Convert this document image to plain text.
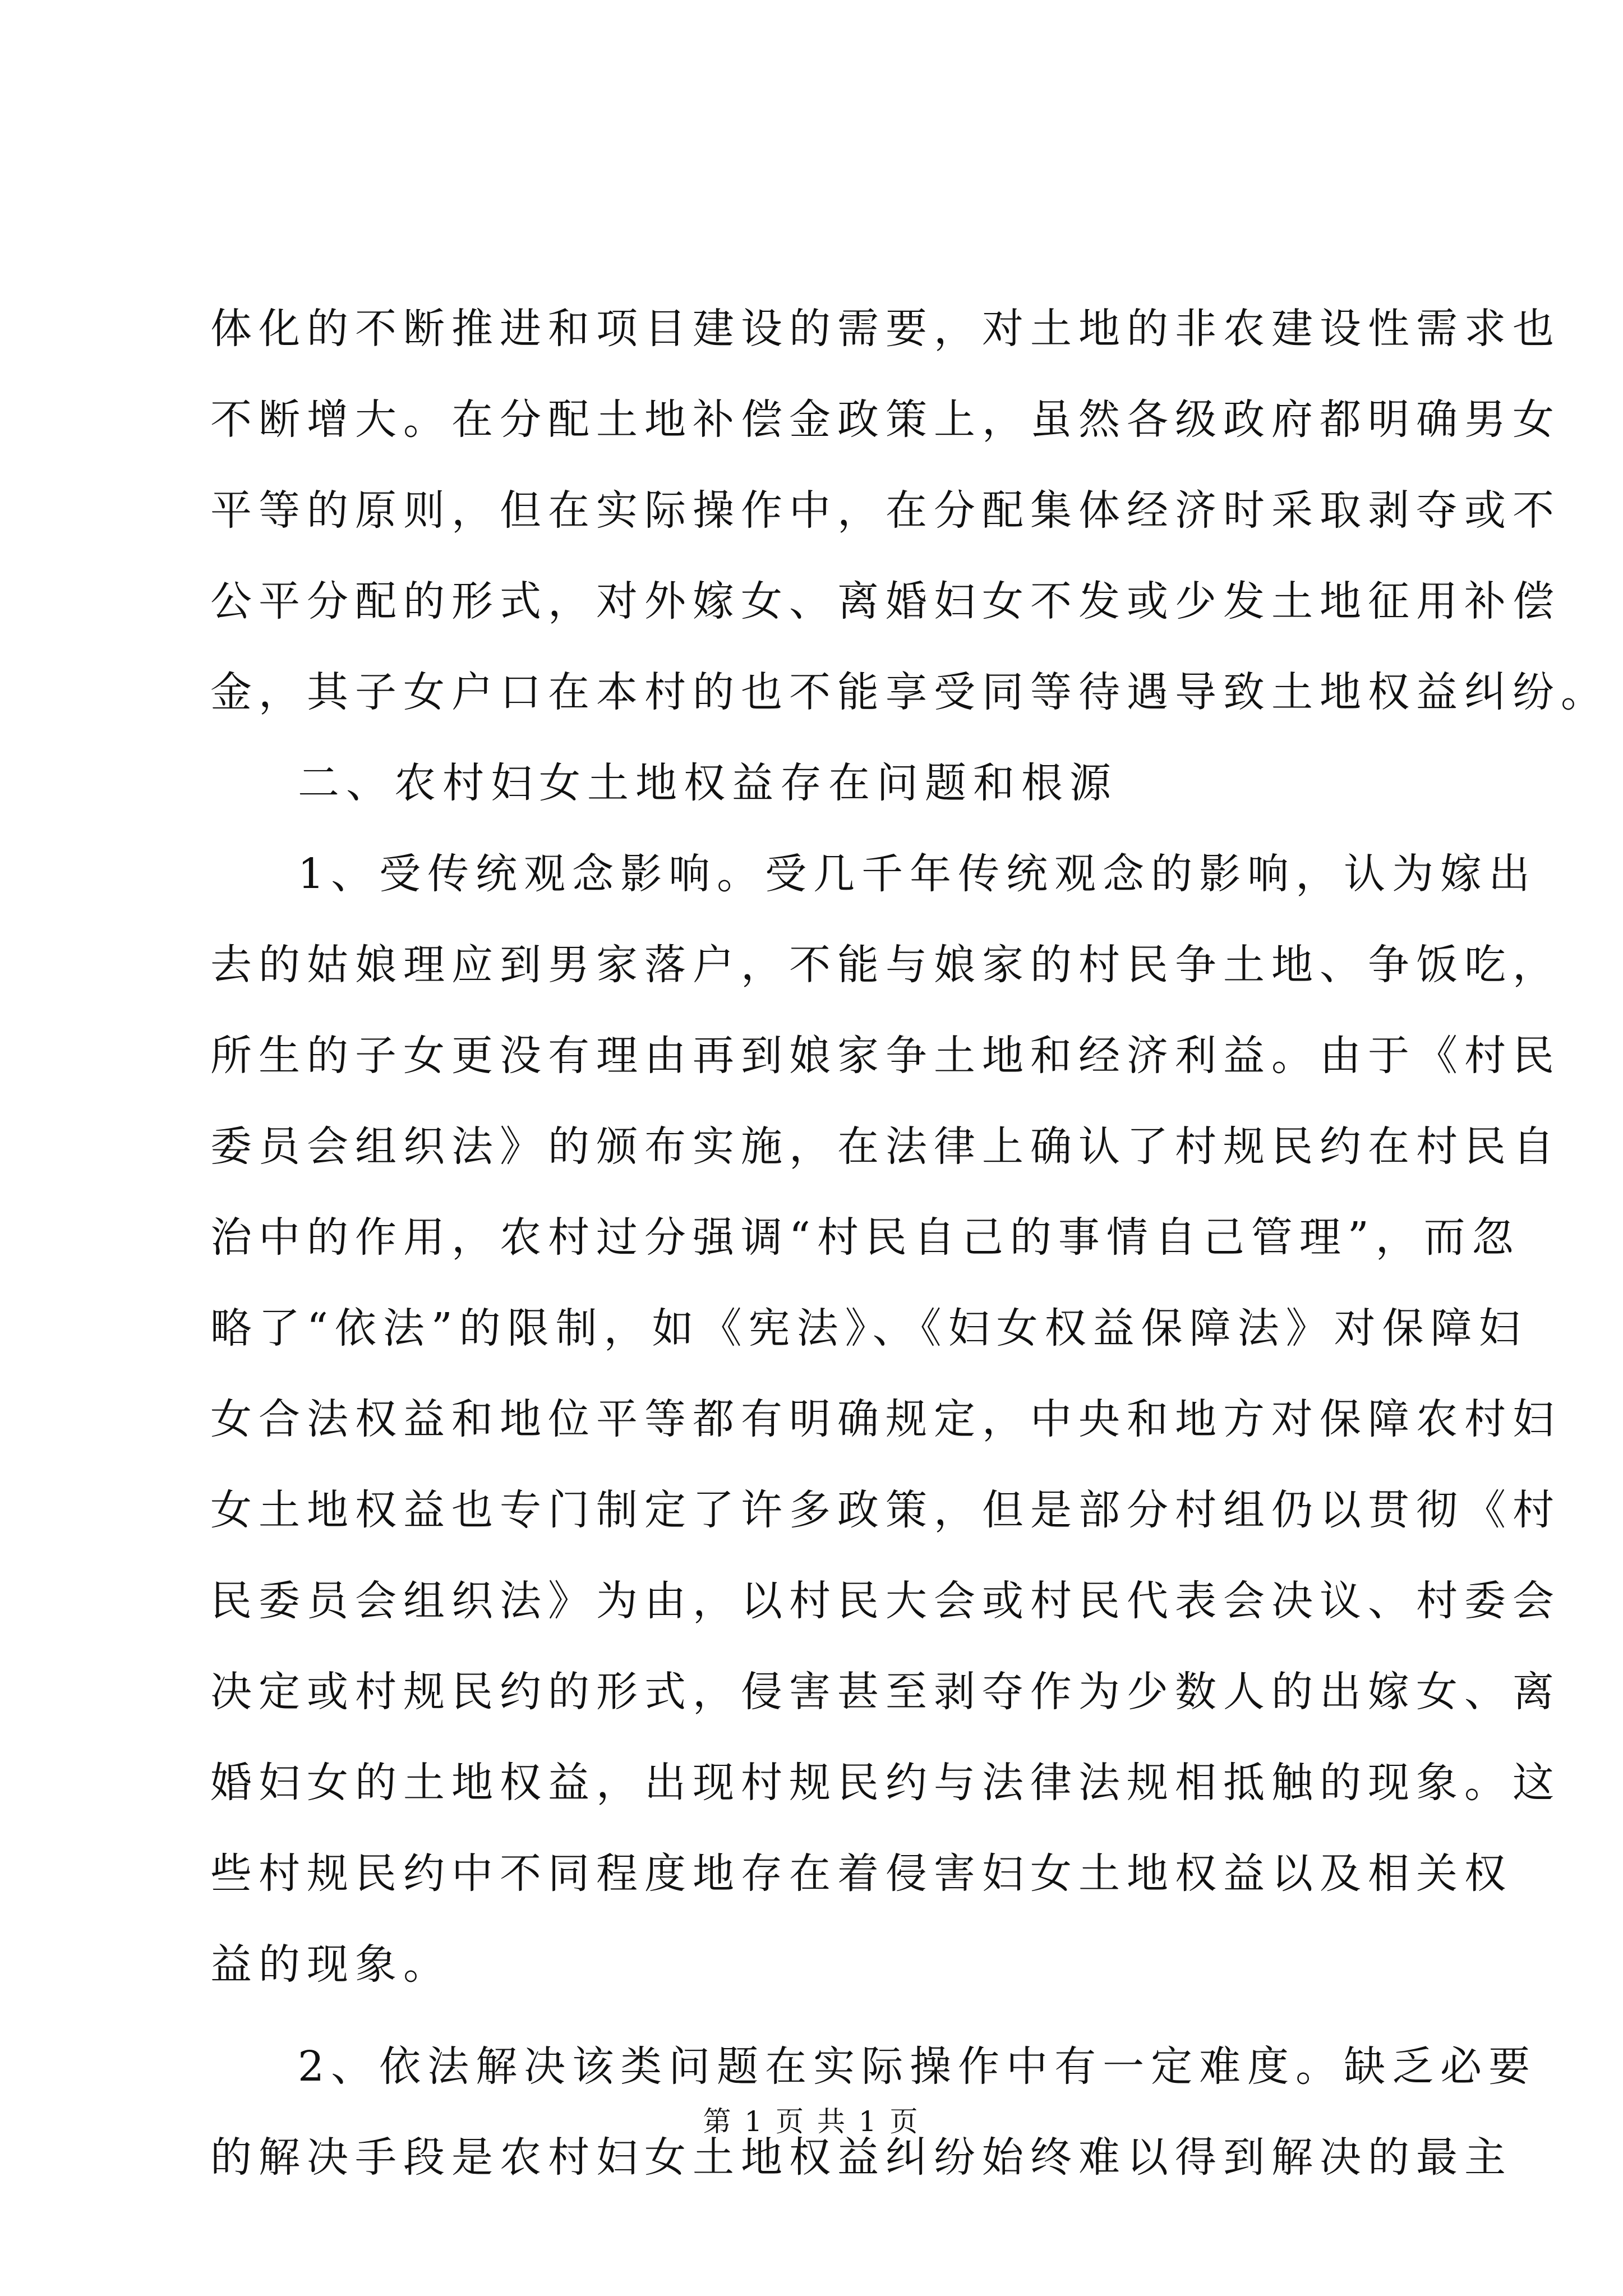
体化的不断推进和项目建设的需要，对土地的非农建设性需求也
不断增大。在分配土地补偿金政策上，虽然各级政府都明确男女
平等的原则，但在实际操作中，在分配集体经济时采取剥夺或不
公平分配的形式，对外嫁女、离婚妇女不发或少发土地征用补偿
金，其子女户口在本村的也不能享受同等待遇导致土地权益纠纷。
二、农村妇女土地权益存在问题和根源
1、受传统观念影响。受几千年传统观念的影响，认为嫁出
去的姑娘理应到男家落户，不能与娘家的村民争土地、争饭吃，
所生的子女更没有理由再到娘家争土地和经济利益。由于《村民
委员会组织法》的颁布实施，在法律上确认了村规民约在村民自
治中的作用，农村过分强调“村民自己的事情自己管理”，而忽
略了“依法”的限制，如《宪法》、《妇女权益保障法》对保障妇
女合法权益和地位平等都有明确规定，中央和地方对保障农村妇
女土地权益也专门制定了许多政策，但是部分村组仍以贯彻《村
民委员会组织法》为由，以村民大会或村民代表会决议、村委会
决定或村规民约的形式，侵害甚至剥夺作为少数人的出嫁女、离
婚妇女的土地权益，出现村规民约与法律法规相抵触的现象。这
些村规民约中不同程度地存在着侵害妇女土地权益以及相关权
益的现象。
2、依法解决该类问题在实际操作中有一定难度。缺乏必要
的解决手段是农村妇女土地权益纠纷始终难以得到解决的最主
第 1 页 共 1 页
